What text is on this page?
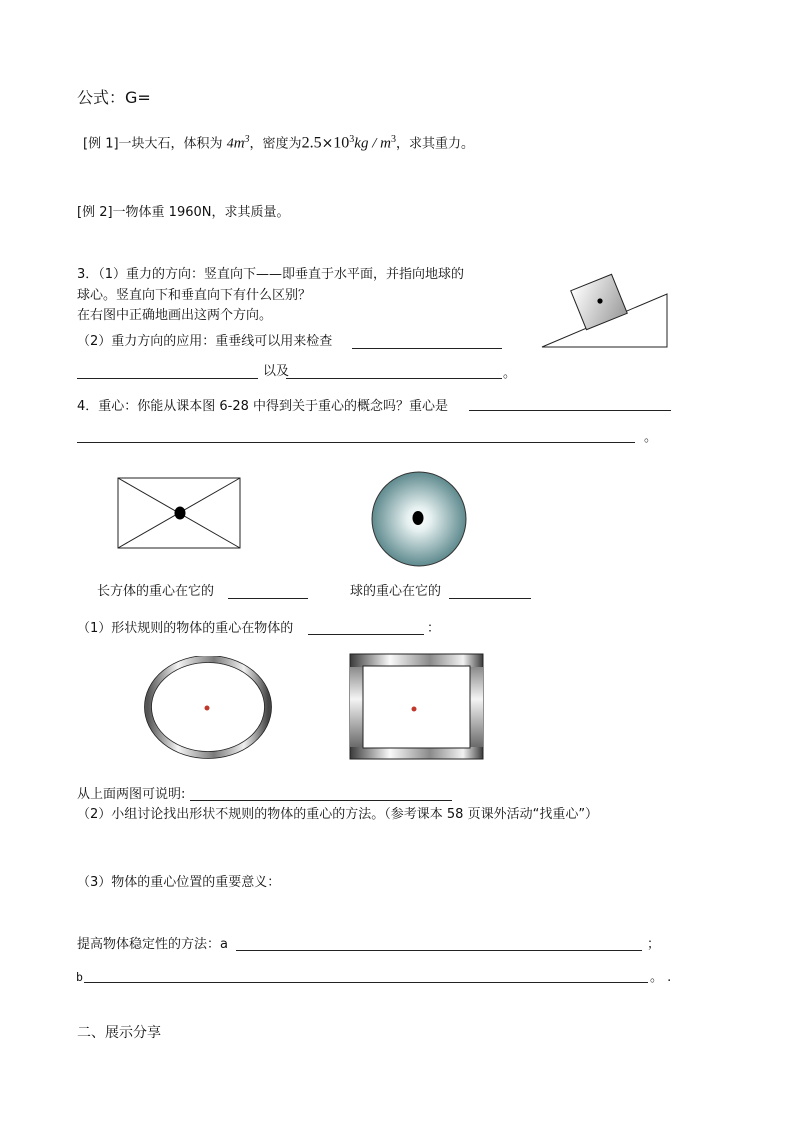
公式：G=
[例 1]一块大石，体积为 $4m^3$，密度为$2.5\times 10^3kg / m^3$，求其重力。
[例 2]一物体重 1960N，求其质量。
3．（1）重力的方向：竖直向下——即垂直于水平面，并指向地球的
球心。竖直向下和垂直向下有什么区别？
在右图中正确地画出这两个方向。
（2）重力方向的应用：重垂线可以用来检查
以及	。
4．重心：你能从课本图 6-28 中得到关于重心的概念吗？重心是
。
长方体的重心在它的	球的重心在它的
（1）形状规则的物体的重心在物体的	：
从上面两图可说明:
（2）小组讨论找出形状不规则的物体的重心的方法。（参考课本 58 页课外活动“找重心”）
（3）物体的重心位置的重要意义：
提高物体稳定性的方法：a	；
b	。 .
二、展示分享
